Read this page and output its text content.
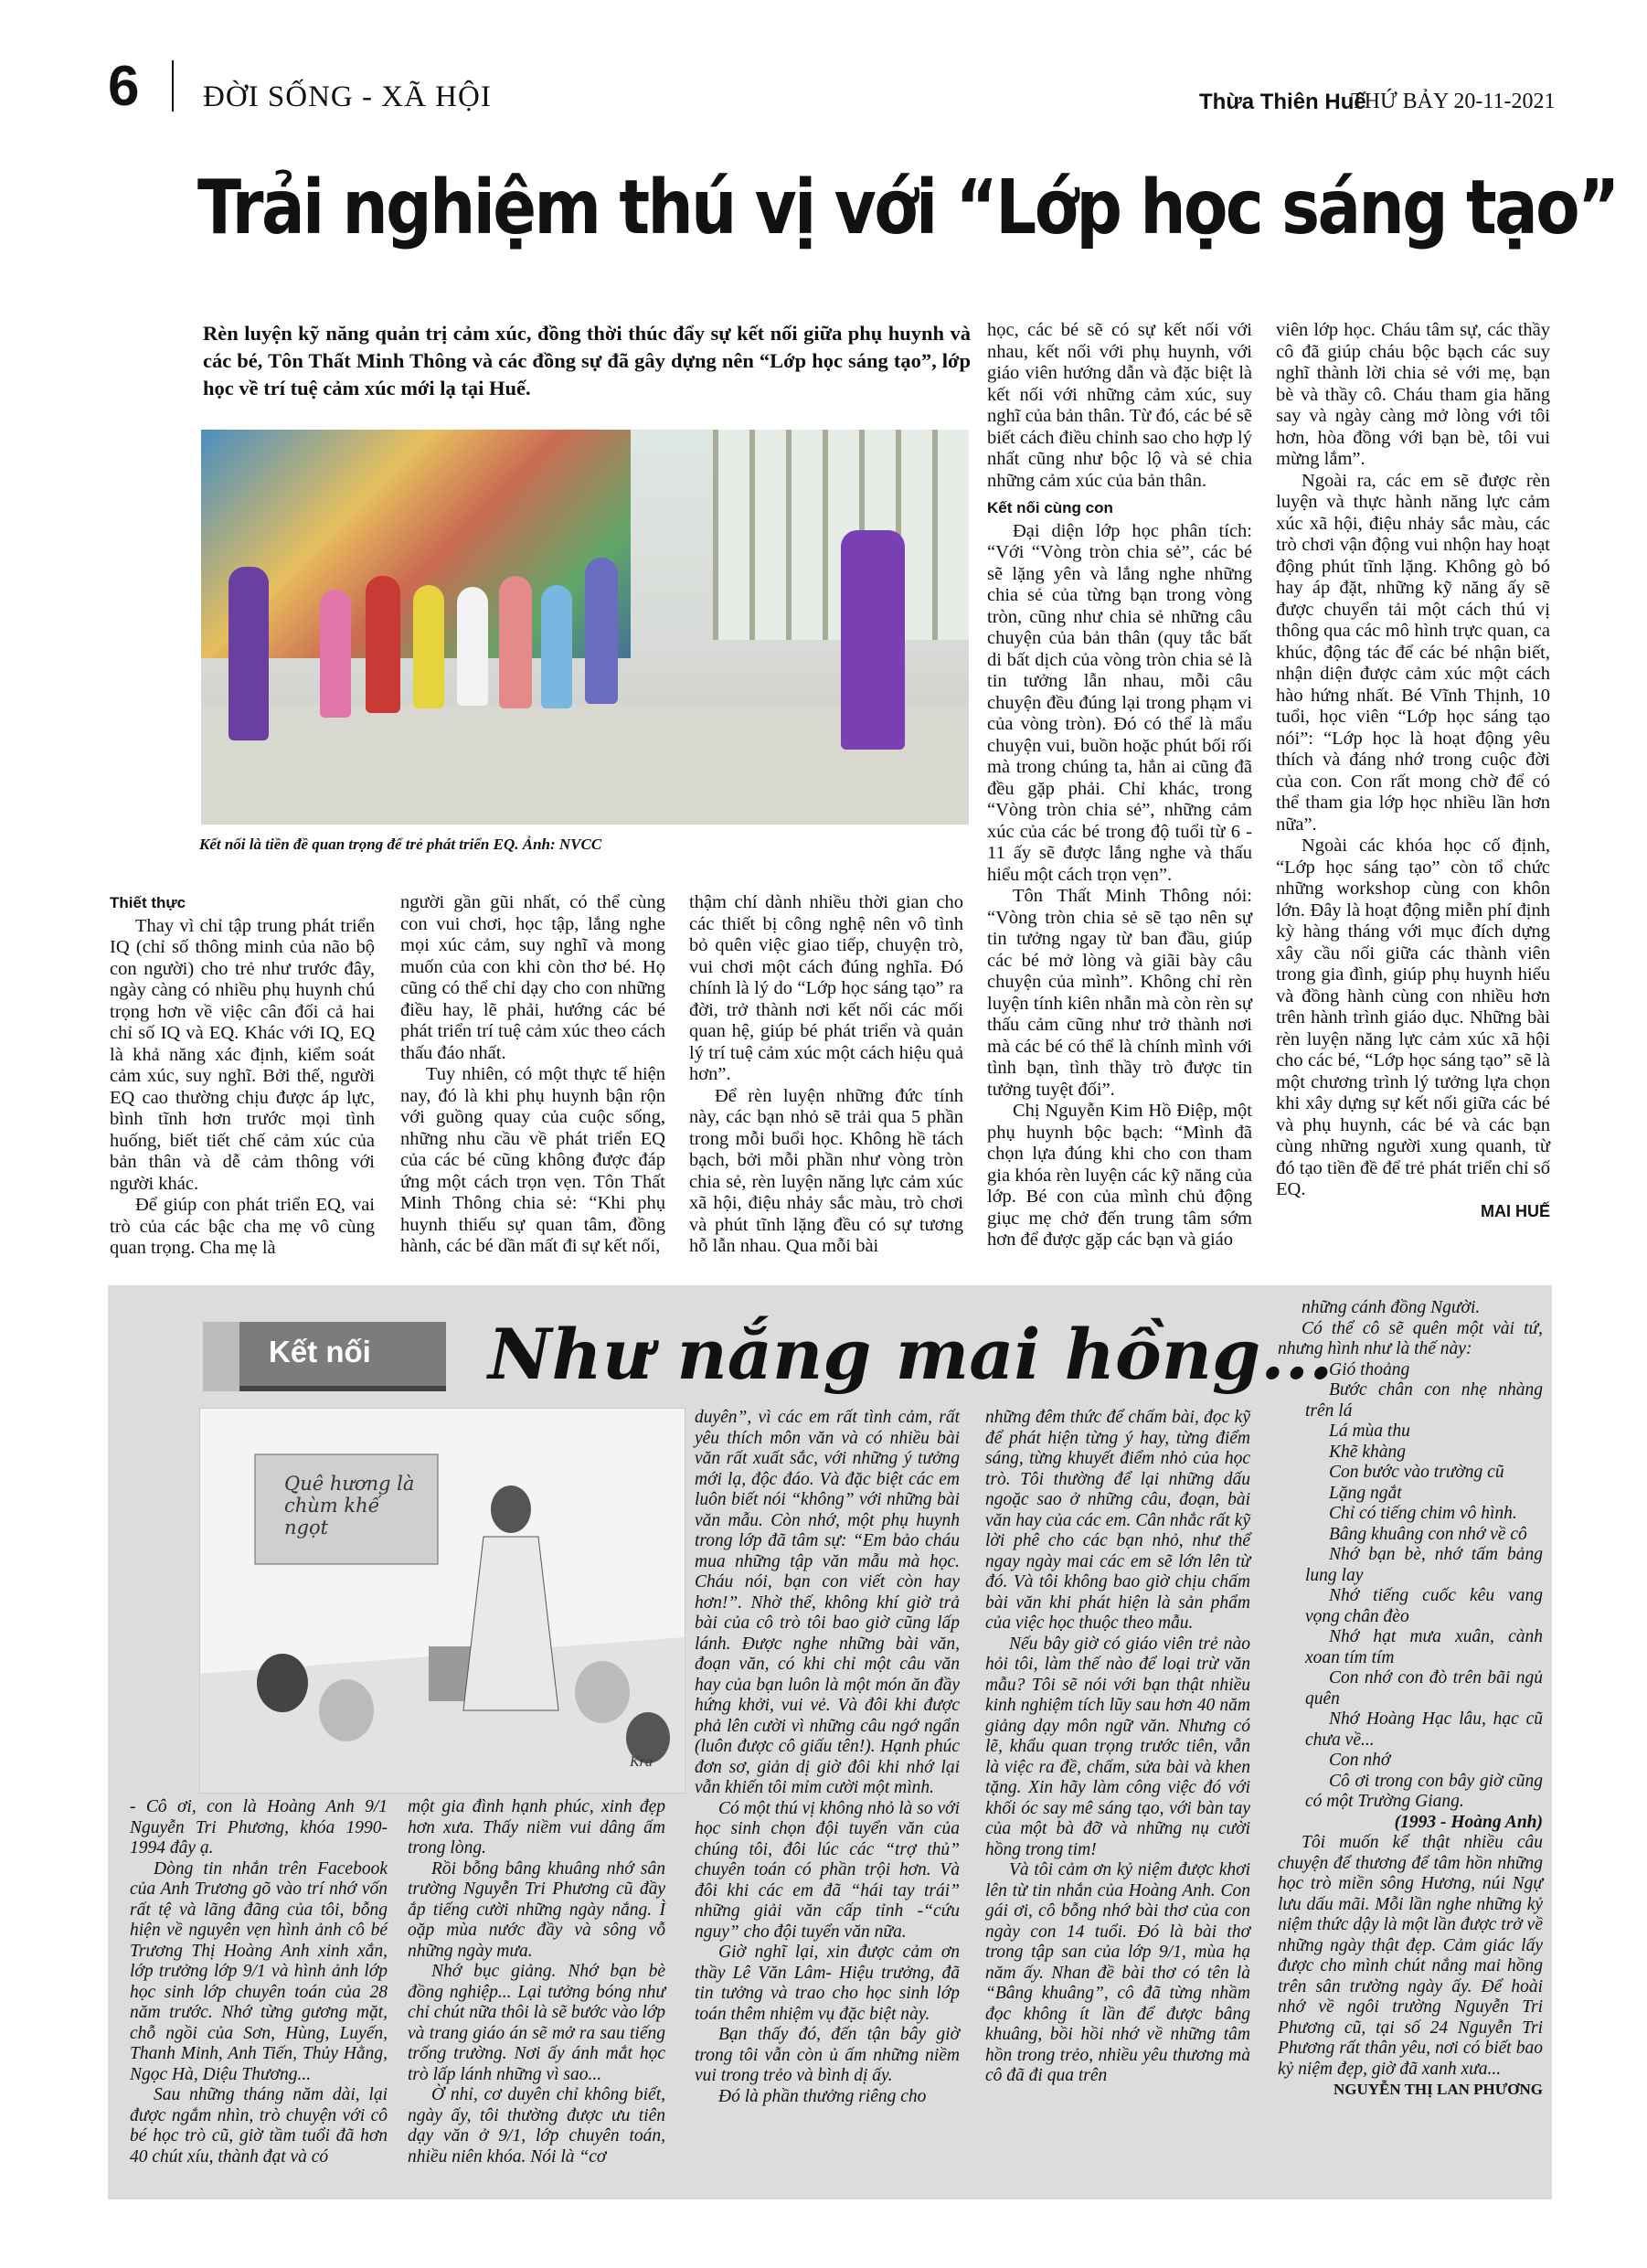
6 ĐỜI SỐNG - XÃ HỘI	Thừa Thiên Huế
THỨ BẢY 20-11-2021
Trải nghiệm thú vị với “Lớp học sáng tạo”
Rèn luyện kỹ năng quản trị cảm xúc, đồng thời thúc đẩy sự kết nối giữa phụ huynh và các bé, Tôn Thất Minh Thông và các đồng sự đã gây dựng nên “Lớp học sáng tạo”, lớp học về trí tuệ cảm xúc mới lạ tại Huế.
Kết nối là tiền đề quan trọng để trẻ phát triển EQ. Ảnh: NVCC
Thiết thực

Thay vì chỉ tập trung phát triển IQ (chỉ số thông minh của não bộ con người) cho trẻ như trước đây, ngày càng có nhiều phụ huynh chú trọng hơn về việc cân đối cả hai chỉ số IQ và EQ. Khác với IQ, EQ là khả năng xác định, kiểm soát cảm xúc, suy nghĩ. Bởi thế, người EQ cao thường chịu được áp lực, bình tĩnh hơn trước mọi tình huống, biết tiết chế cảm xúc của bản thân và dễ cảm thông với người khác.

Để giúp con phát triển EQ, vai trò của các bậc cha mẹ vô cùng quan trọng. Cha mẹ là

người gần gũi nhất, có thể cùng con vui chơi, học tập, lắng nghe mọi xúc cảm, suy nghĩ và mong muốn của con khi còn thơ bé. Họ cũng có thể chỉ dạy cho con những điều hay, lẽ phải, hướng các bé phát triển trí tuệ cảm xúc theo cách thấu đáo nhất.

Tuy nhiên, có một thực tế hiện nay, đó là khi phụ huynh bận rộn với guồng quay của cuộc sống, những nhu cầu về phát triển EQ của các bé cũng không được đáp ứng một cách trọn vẹn. Tôn Thất Minh Thông chia sẻ: “Khi phụ huynh thiếu sự quan tâm, đồng hành, các bé dần mất đi sự kết nối,

thậm chí dành nhiều thời gian cho các thiết bị công nghệ nên vô tình bỏ quên việc giao tiếp, chuyện trò, vui chơi một cách đúng nghĩa. Đó chính là lý do “Lớp học sáng tạo” ra đời, trở thành nơi kết nối các mối quan hệ, giúp bé phát triển và quản lý trí tuệ cảm xúc một cách hiệu quả hơn”.

Để rèn luyện những đức tính này, các bạn nhỏ sẽ trải qua 5 phần trong mỗi buổi học. Không hề tách bạch, bởi mỗi phần như vòng tròn chia sẻ, rèn luyện năng lực cảm xúc xã hội, điệu nhảy sắc màu, trò chơi và phút tĩnh lặng đều có sự tương hỗ lẫn nhau. Qua mỗi bài

học, các bé sẽ có sự kết nối với nhau, kết nối với phụ huynh, với giáo viên hướng dẫn và đặc biệt là kết nối với những cảm xúc, suy nghĩ của bản thân. Từ đó, các bé sẽ biết cách điều chỉnh sao cho hợp lý nhất cũng như bộc lộ và sẻ chia những cảm xúc của bản thân.

Kết nối cùng con

Đại diện lớp học phân tích: “Với “Vòng tròn chia sẻ”, các bé sẽ lặng yên và lắng nghe những chia sẻ của từng bạn trong vòng tròn, cũng như chia sẻ những câu chuyện của bản thân (quy tắc bất di bất dịch của vòng tròn chia sẻ là tin tưởng lẫn nhau, mỗi câu chuyện đều đúng lại trong phạm vi của vòng tròn). Đó có thể là mẩu chuyện vui, buồn hoặc phút bối rối mà trong chúng ta, hẳn ai cũng đã đều gặp phải. Chỉ khác, trong “Vòng tròn chia sẻ”, những cảm xúc của các bé trong độ tuổi từ 6 - 11 ấy sẽ được lắng nghe và thấu hiểu một cách trọn vẹn”.

Tôn Thất Minh Thông nói: “Vòng tròn chia sẻ sẽ tạo nên sự tin tưởng ngay từ ban đầu, giúp các bé mở lòng và giãi bày câu chuyện của mình”. Không chỉ rèn luyện tính kiên nhẫn mà còn rèn sự thấu cảm cũng như trở thành nơi mà các bé có thể là chính mình với tình bạn, tình thầy trò được tin tưởng tuyệt đối”.

Chị Nguyễn Kim Hồ Điệp, một phụ huynh bộc bạch: “Mình đã chọn lựa đúng khi cho con tham gia khóa rèn luyện các kỹ năng của lớp. Bé con của mình chủ động giục mẹ chở đến trung tâm sớm hơn để được gặp các bạn và giáo

viên lớp học. Cháu tâm sự, các thầy cô đã giúp cháu bộc bạch các suy nghĩ thành lời chia sẻ với mẹ, bạn bè và thầy cô. Cháu tham gia hăng say và ngày càng mở lòng với tôi hơn, hòa đồng với bạn bè, tôi vui mừng lắm”.

Ngoài ra, các em sẽ được rèn luyện và thực hành năng lực cảm xúc xã hội, điệu nhảy sắc màu, các trò chơi vận động vui nhộn hay hoạt động phút tĩnh lặng. Không gò bó hay áp đặt, những kỹ năng ấy sẽ được chuyển tải một cách thú vị thông qua các mô hình trực quan, ca khúc, động tác để các bé nhận biết, nhận diện được cảm xúc một cách hào hứng nhất. Bé Vĩnh Thịnh, 10 tuổi, học viên “Lớp học sáng tạo nói”: “Lớp học là hoạt động yêu thích và đáng nhớ trong cuộc đời của con. Con rất mong chờ để có thể tham gia lớp học nhiều lần hơn nữa”.

Ngoài các khóa học cố định, “Lớp học sáng tạo” còn tổ chức những workshop cùng con khôn lớn. Đây là hoạt động miễn phí định kỳ hàng tháng với mục đích dựng xây cầu nối giữa các thành viên trong gia đình, giúp phụ huynh hiểu và đồng hành cùng con nhiều hơn trên hành trình giáo dục. Những bài rèn luyện năng lực cảm xúc xã hội cho các bé, “Lớp học sáng tạo” sẽ là một chương trình lý tưởng lựa chọn khi xây dựng sự kết nối giữa các bé và phụ huynh, các bé và các bạn cùng những người xung quanh, từ đó tạo tiền đề để trẻ phát triển chỉ số EQ.

MAI HUẾ
Kết nối Như nắng mai hồng...
Quê hương là chùm khế ngọt
Kra

- Cô ơi, con là Hoàng Anh 9/1 Nguyễn Tri Phương, khóa 1990-1994 đây ạ.

Dòng tin nhắn trên Facebook của Anh Trương gõ vào trí nhớ vốn rất tệ và lãng đãng của tôi, bỗng hiện về nguyên vẹn hình ảnh cô bé Trương Thị Hoàng Anh xinh xắn, lớp trưởng lớp 9/1 và hình ảnh lớp học sinh lớp chuyên toán của 28 năm trước. Nhớ từng gương mặt, chỗ ngồi của Sơn, Hùng, Luyến, Thanh Minh, Anh Tiến, Thủy Hằng, Ngọc Hà, Diệu Thương...

Sau những tháng năm dài, lại được ngắm nhìn, trò chuyện với cô bé học trò cũ, giờ tầm tuổi đã hơn 40 chút xíu, thành đạt và có

một gia đình hạnh phúc, xinh đẹp hơn xưa. Thấy niềm vui dâng ấm trong lòng.

Rồi bỗng bâng khuâng nhớ sân trường Nguyễn Tri Phương cũ đầy ắp tiếng cười những ngày nắng. Ì oặp mùa nước đầy và sông vỗ những ngày mưa.

Nhớ bục giảng. Nhớ bạn bè đồng nghiệp... Lại tưởng bóng như chỉ chút nữa thôi là sẽ bước vào lớp và trang giáo án sẽ mở ra sau tiếng trống trường. Nơi ấy ánh mắt học trò lấp lánh những vì sao...

Ờ nhỉ, cơ duyên chỉ không biết, ngày ấy, tôi thường được ưu tiên dạy văn ở 9/1, lớp chuyên toán, nhiều niên khóa. Nói là “cơ

duyên”, vì các em rất tình cảm, rất yêu thích môn văn và có nhiều bài văn rất xuất sắc, với những ý tưởng mới lạ, độc đáo. Và đặc biệt các em luôn biết nói “không” với những bài văn mẫu. Còn nhớ, một phụ huynh trong lớp đã tâm sự: “Em bảo cháu mua những tập văn mẫu mà học. Cháu nói, bạn con viết còn hay hơn!”. Nhờ thế, không khí giờ trả bài của cô trò tôi bao giờ cũng lấp lánh. Được nghe những bài văn, đoạn văn, có khi chỉ một câu văn hay của bạn luôn là một món ăn đầy hứng khởi, vui vẻ. Và đôi khi được phả lên cười vì những câu ngớ ngẩn (luôn được cô giấu tên!). Hạnh phúc đơn sơ, giản dị giờ đôi khi nhớ lại vẫn khiến tôi mỉm cười một mình.

Có một thú vị không nhỏ là so với học sinh chọn đội tuyển văn của chúng tôi, đôi lúc các “trợ thủ” chuyên toán có phần trội hơn. Và đôi khi các em đã “hái tay trái” những giải văn cấp tỉnh -“cứu nguy” cho đội tuyển văn nữa.

Giờ nghĩ lại, xin được cảm ơn thầy Lê Văn Lâm- Hiệu trưởng, đã tin tưởng và trao cho học sinh lớp toán thêm nhiệm vụ đặc biệt này.

Bạn thấy đó, đến tận bây giờ trong tôi vẫn còn ủ ấm những niềm vui trong trẻo và bình dị ấy.

Đó là phần thưởng riêng cho

những đêm thức để chấm bài, đọc kỹ để phát hiện từng ý hay, từng điểm sáng, từng khuyết điểm nhỏ của học trò. Tôi thường để lại những dấu ngoặc sao ở những câu, đoạn, bài văn hay của các em. Cân nhắc rất kỹ lời phê cho các bạn nhỏ, như thể ngay ngày mai các em sẽ lớn lên từ đó. Và tôi không bao giờ chịu chấm bài văn khi phát hiện là sản phẩm của việc học thuộc theo mẫu.

Nếu bây giờ có giáo viên trẻ nào hỏi tôi, làm thế nào để loại trừ văn mẫu? Tôi sẽ nói với bạn thật nhiều kinh nghiệm tích lũy sau hơn 40 năm giảng dạy môn ngữ văn. Nhưng có lẽ, khẩu quan trọng trước tiên, vẫn là việc ra đề, chấm, sửa bài và khen tặng. Xin hãy làm công việc đó với khối óc say mê sáng tạo, với bàn tay của một bà đỡ và những nụ cười hồng trong tim!

Và tôi cảm ơn kỷ niệm được khơi lên từ tin nhắn của Hoàng Anh. Con gái ơi, cô bỗng nhớ bài thơ của con ngày con 14 tuổi. Đó là bài thơ trong tập san của lớp 9/1, mùa hạ năm ấy. Nhan đề bài thơ có tên là “Bâng khuâng”, cô đã từng nhầm đọc không ít lần để được bâng khuâng, bồi hồi nhớ về những tâm hồn trong trẻo, nhiều yêu thương mà cô đã đi qua trên

những cánh đồng Người.

Có thể cô sẽ quên một vài tứ, nhưng hình như là thế này:

Gió thoảng

Bước chân con nhẹ nhàng trên lá

Lá mùa thu

Khẽ khàng

Con bước vào trường cũ

Lặng ngắt

Chỉ có tiếng chim vô hình.

Bâng khuâng con nhớ về cô

Nhớ bạn bè, nhớ tấm bảng lung lay

Nhớ tiếng cuốc kêu vang vọng chân đèo

Nhớ hạt mưa xuân, cành xoan tím tím

Con nhớ con đò trên bãi ngủ quên

Nhớ Hoàng Hạc lâu, hạc cũ chưa về...

Con nhớ

Cô ơi trong con bây giờ cũng có một Trường Giang.

(1993 - Hoàng Anh)

Tôi muốn kể thật nhiều câu chuyện để thương để tâm hồn những học trò miền sông Hương, núi Ngự lưu dấu mãi. Mỗi lần nghe những kỷ niệm thức dậy là một lần được trở về những ngày thật đẹp. Cảm giác lấy được cho mình chút nắng mai hồng trên sân trường ngày ấy. Để hoài nhớ về ngôi trường Nguyễn Tri Phương cũ, tại số 24 Nguyễn Tri Phương rất thân yêu, nơi có biết bao kỷ niệm đẹp, giờ đã xanh xưa...

NGUYỄN THỊ LAN PHƯƠNG
